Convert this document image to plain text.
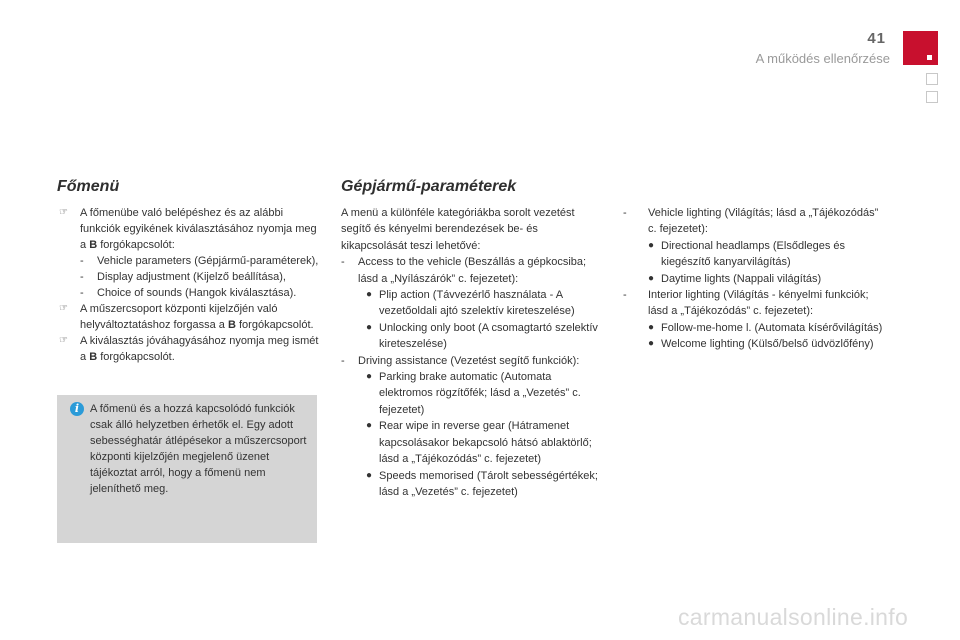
41
A működés ellenőrzése
Főmenü

☞ A főmenübe való belépéshez és az alábbi funkciók egyikének kiválasztásához nyomja meg a B forgókapcsolót:

- Vehicle parameters (Gépjármű-paraméterek),

- Display adjustment (Kijelző beállítása),

- Choice of sounds (Hangok kiválasztása).

☞ A műszercsoport központi kijelzőjén való helyváltoztatáshoz forgassa a B forgókapcsolót.

☞ A kiválasztás jóváhagyásához nyomja meg ismét a B forgókapcsolót.

i A főmenü és a hozzá kapcsolódó funkciók csak álló helyzetben érhetők el. Egy adott sebességhatár átlépésekor a műszercsoport központi kijelzőjén megjelenő üzenet tájékoztat arról, hogy a főmenü nem jeleníthető meg.
Gépjármű-paraméterek

A menü a különféle kategóriákba sorolt vezetést segítő és kényelmi berendezések be- és kikapcsolását teszi lehetővé:

- Access to the vehicle (Beszállás a gépkocsiba; lásd a „Nyílászárók” c. fejezetet):

● Plip action (Távvezérlő használata - A vezetőoldali ajtó szelektív kireteszelése)

● Unlocking only boot (A csomagtartó szelektív kireteszelése)

- Driving assistance (Vezetést segítő funkciók):

● Parking brake automatic (Automata elektromos rögzítőfék; lásd a „Vezetés” c. fejezetet)

● Rear wipe in reverse gear (Hátramenet kapcsolásakor bekapcsoló hátsó ablaktörlő; lásd a „Tájékozódás” c. fejezetet)

● Speeds memorised (Tárolt sebességértékek; lásd a „Vezetés” c. fejezetet)

- Vehicle lighting (Világítás; lásd a „Tájékozódás” c. fejezetet):

● Directional headlamps (Elsődleges és kiegészítő kanyarvilágítás)

● Daytime lights (Nappali világítás)

- Interior lighting (Világítás - kényelmi funkciók; lásd a „Tájékozódás” c. fejezetet):

● Follow-me-home l. (Automata kísérővilágítás)

● Welcome lighting (Külső/belső üdvözlőfény)

carmanualsonline.info
